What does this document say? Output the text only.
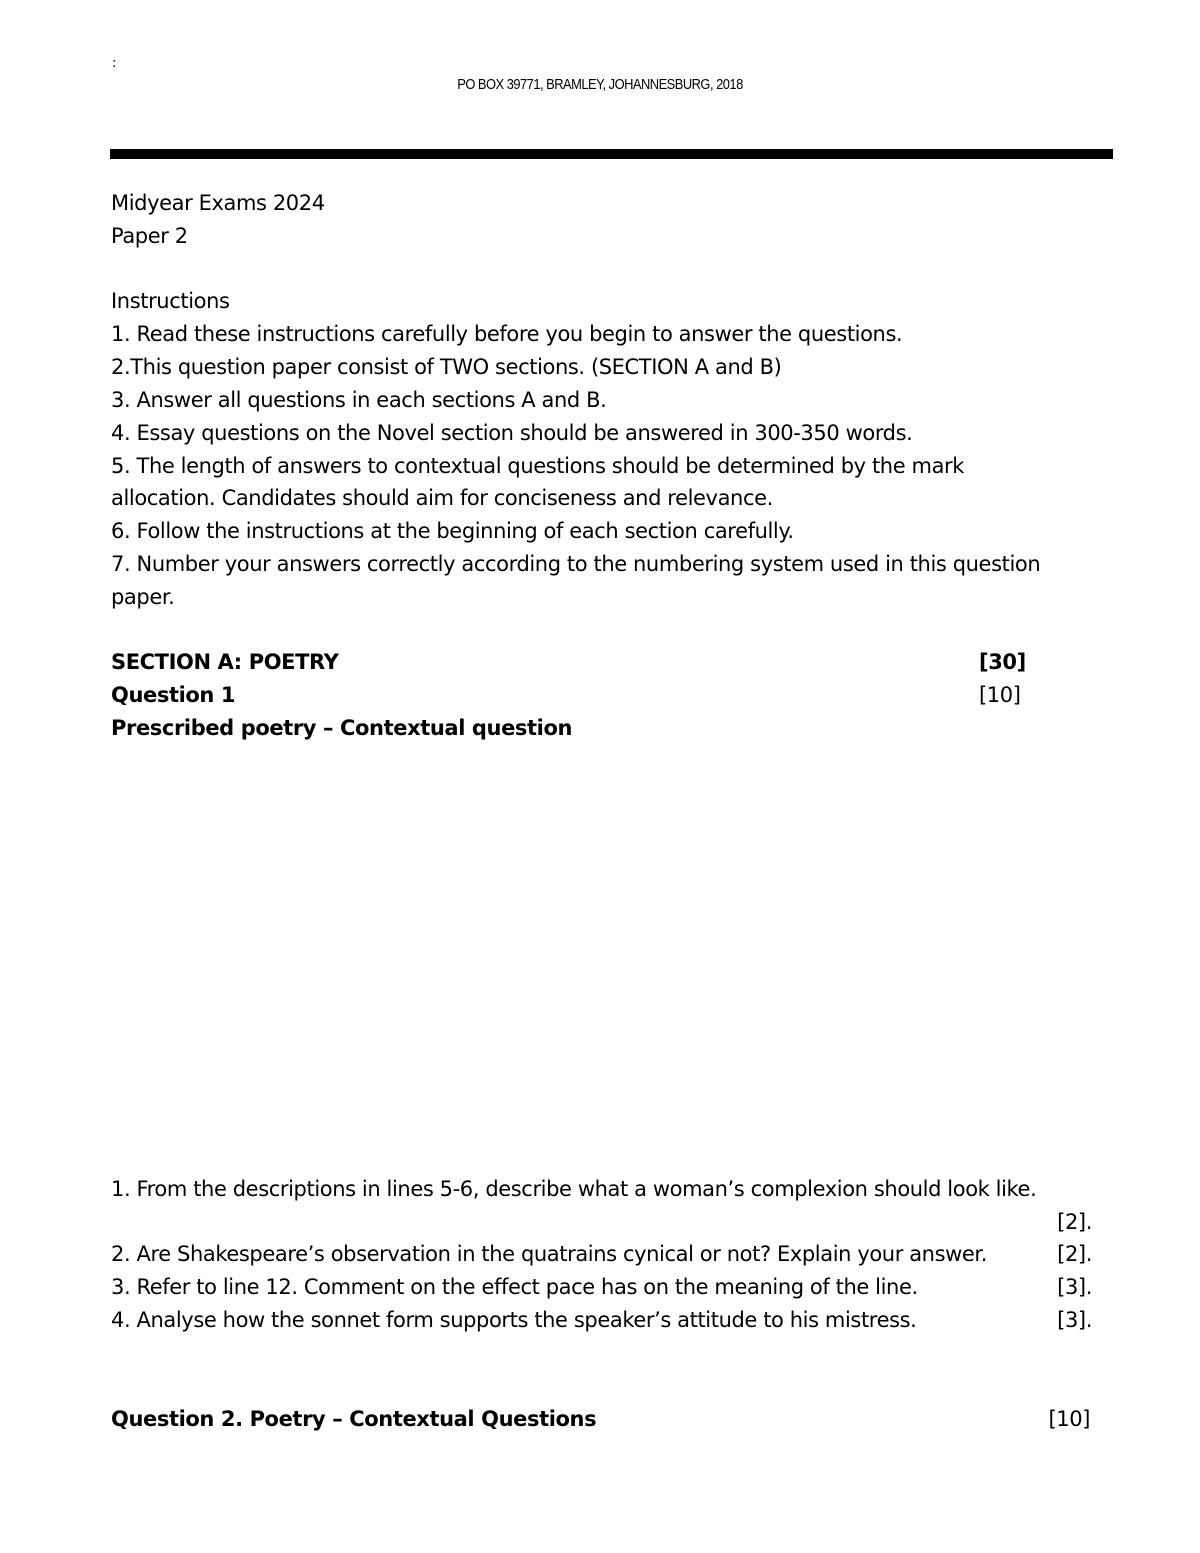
:
PO BOX 39771, BRAMLEY, JOHANNESBURG, 2018
Midyear Exams 2024
Paper 2
Instructions
1. Read these instructions carefully before you begin to answer the questions.
2.This question paper consist of TWO sections. (SECTION A and B)
3. Answer all questions in each sections A and B.
4. Essay questions on the Novel section should be answered in 300-350 words.
5. The length of answers to contextual questions should be determined by the mark
allocation. Candidates should aim for conciseness and relevance.
6. Follow the instructions at the beginning of each section carefully.
7. Number your answers correctly according to the numbering system used in this question
paper.
SECTION A: POETRY	[30]
Question 1	[10]
Prescribed poetry – Contextual question
1. From the descriptions in lines 5-6, describe what a woman’s complexion should look like.
[2].
2. Are Shakespeare’s observation in the quatrains cynical or not? Explain your answer.	[2].
3. Refer to line 12. Comment on the effect pace has on the meaning of the line.	[3].
4. Analyse how the sonnet form supports the speaker’s attitude to his mistress.	[3].
Question 2. Poetry – Contextual Questions	[10]
